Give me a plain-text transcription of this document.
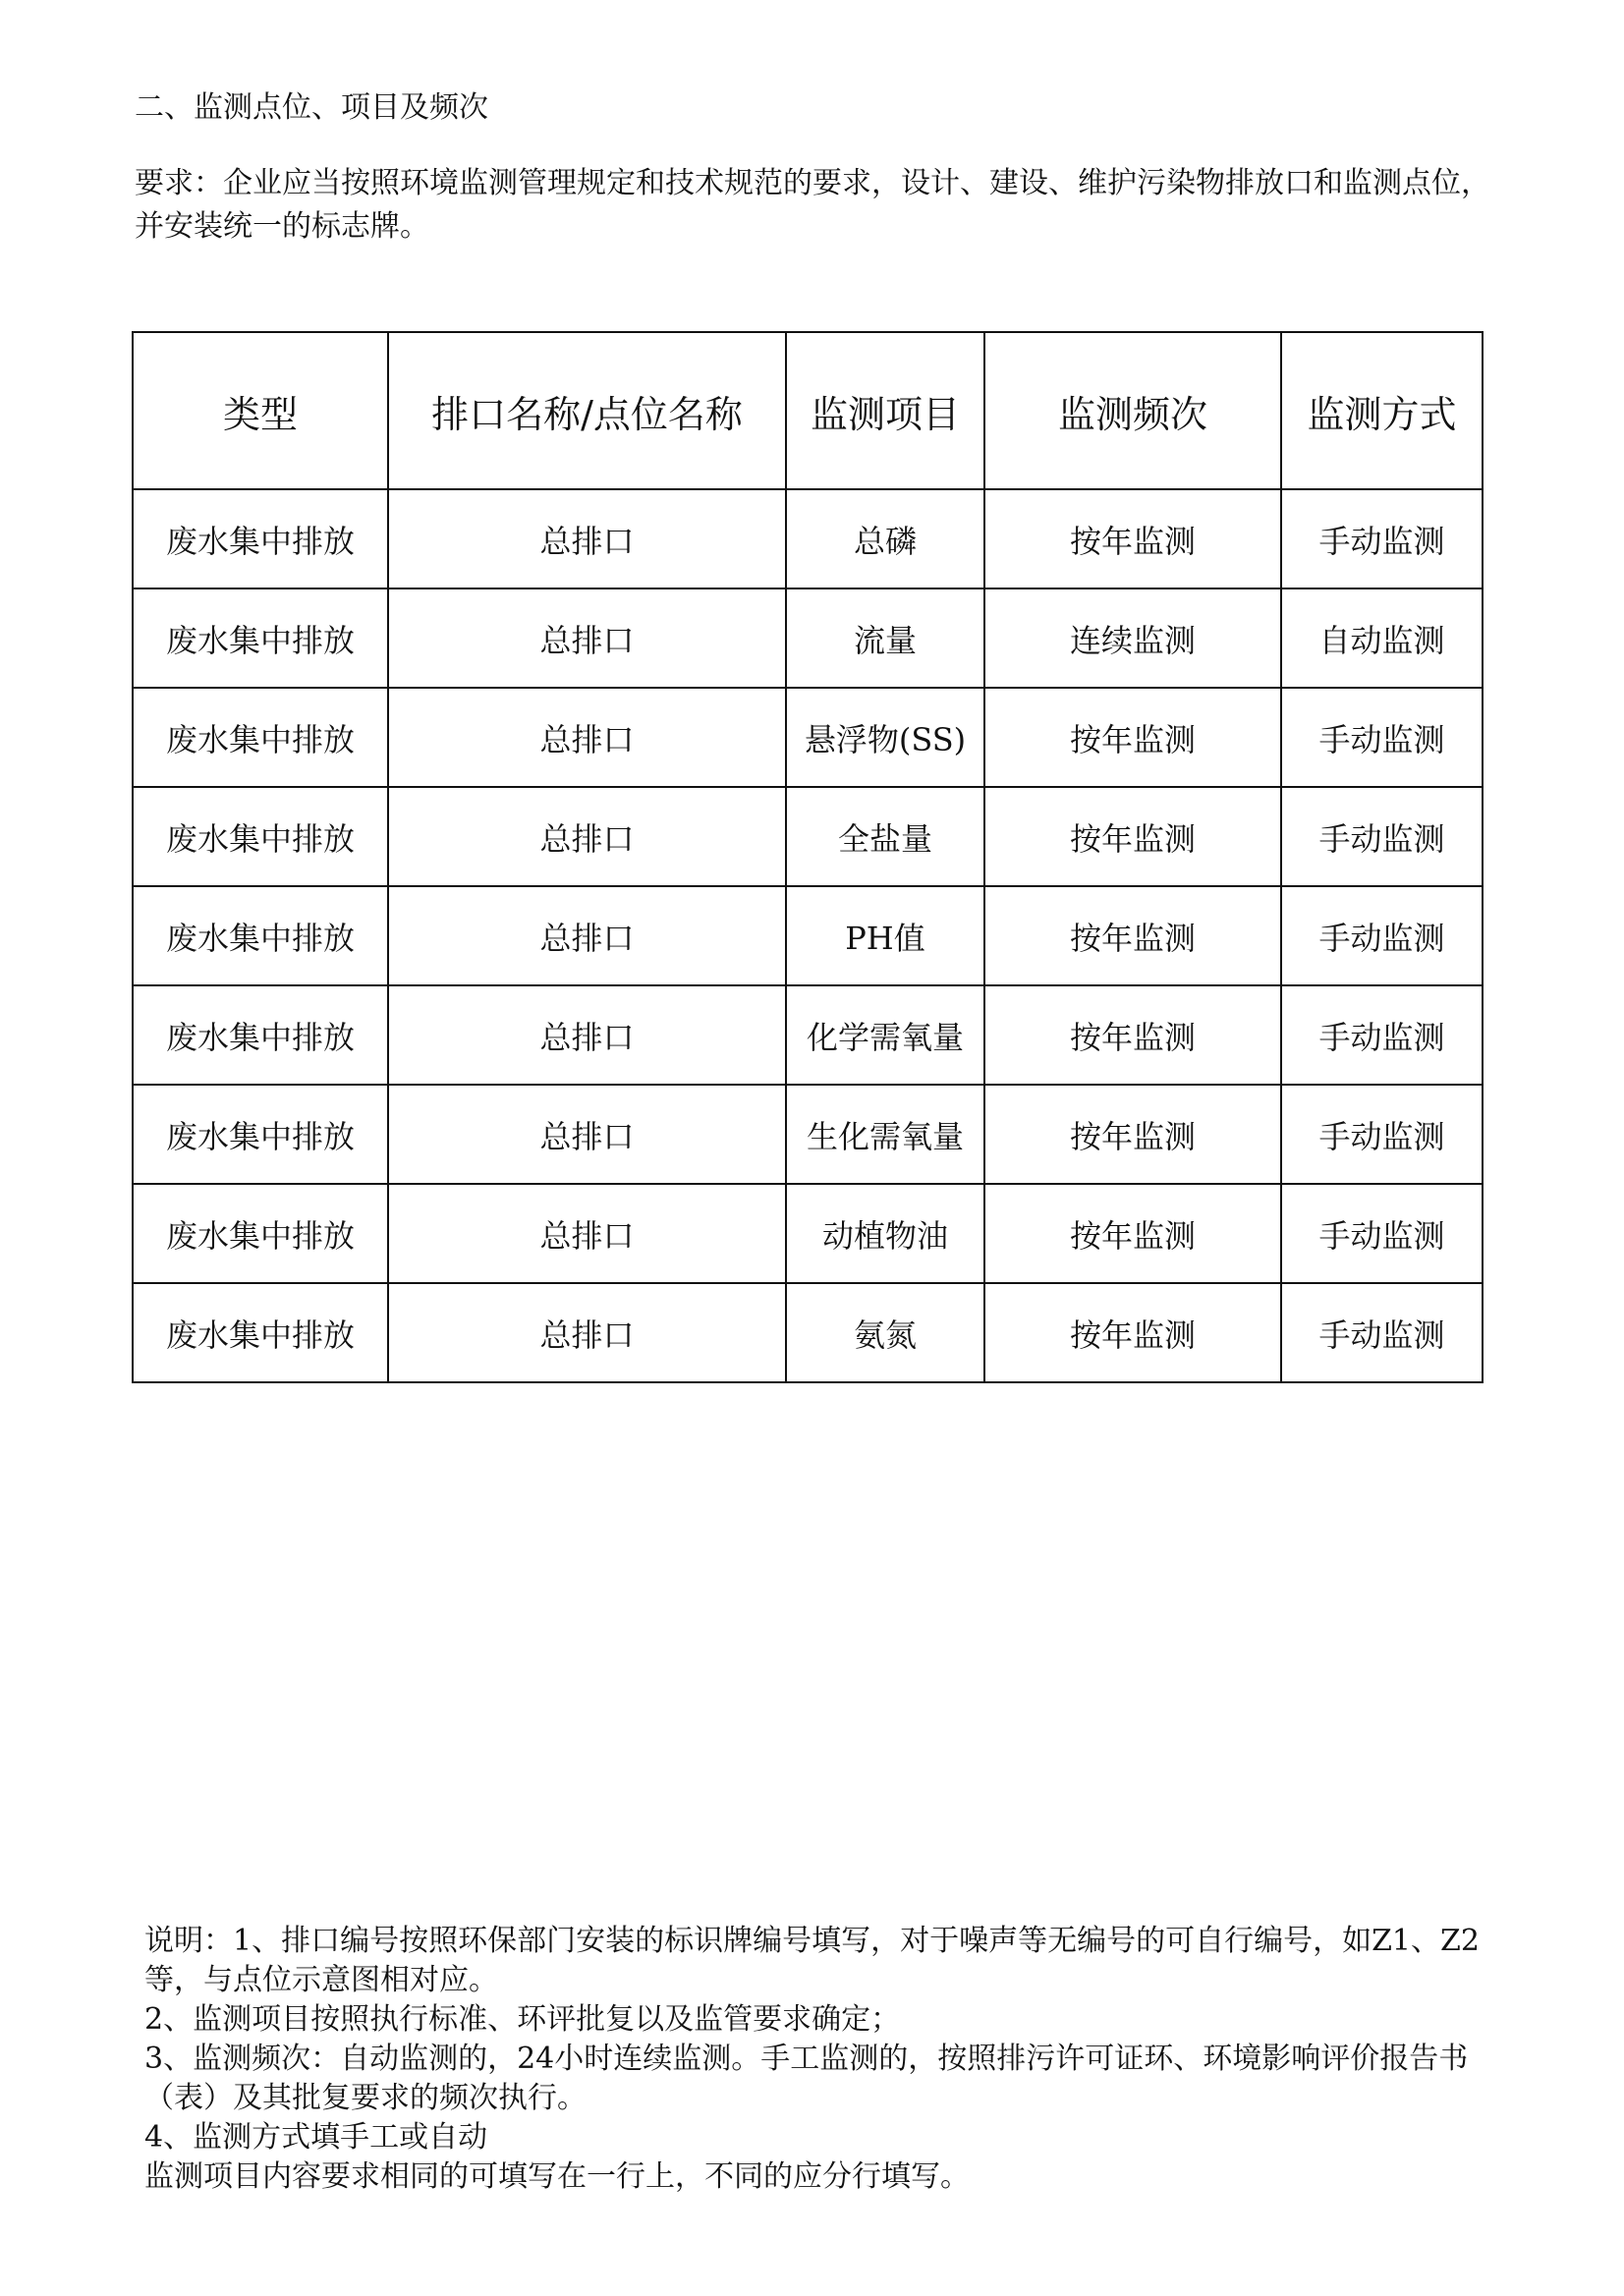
二、监测点位、项目及频次

要求：企业应当按照环境监测管理规定和技术规范的要求，设计、建设、维护污染物排放口和监测点位，并安装统一的标志牌。

类型	排口名称/点位名称	监测项目	监测频次	监测方式
废水集中排放	总排口	总磷	按年监测	手动监测
废水集中排放	总排口	流量	连续监测	自动监测
废水集中排放	总排口	悬浮物(SS)	按年监测	手动监测
废水集中排放	总排口	全盐量	按年监测	手动监测
废水集中排放	总排口	PH值	按年监测	手动监测
废水集中排放	总排口	化学需氧量	按年监测	手动监测
废水集中排放	总排口	生化需氧量	按年监测	手动监测
废水集中排放	总排口	动植物油	按年监测	手动监测
废水集中排放	总排口	氨氮	按年监测	手动监测

说明：1、排口编号按照环保部门安装的标识牌编号填写，对于噪声等无编号的可自行编号，如Z1、Z2等，与点位示意图相对应。

2、监测项目按照执行标准、环评批复以及监管要求确定；

3、监测频次：自动监测的，24小时连续监测。手工监测的，按照排污许可证环、环境影响评价报告书（表）及其批复要求的频次执行。

4、监测方式填手工或自动

监测项目内容要求相同的可填写在一行上，不同的应分行填写。
